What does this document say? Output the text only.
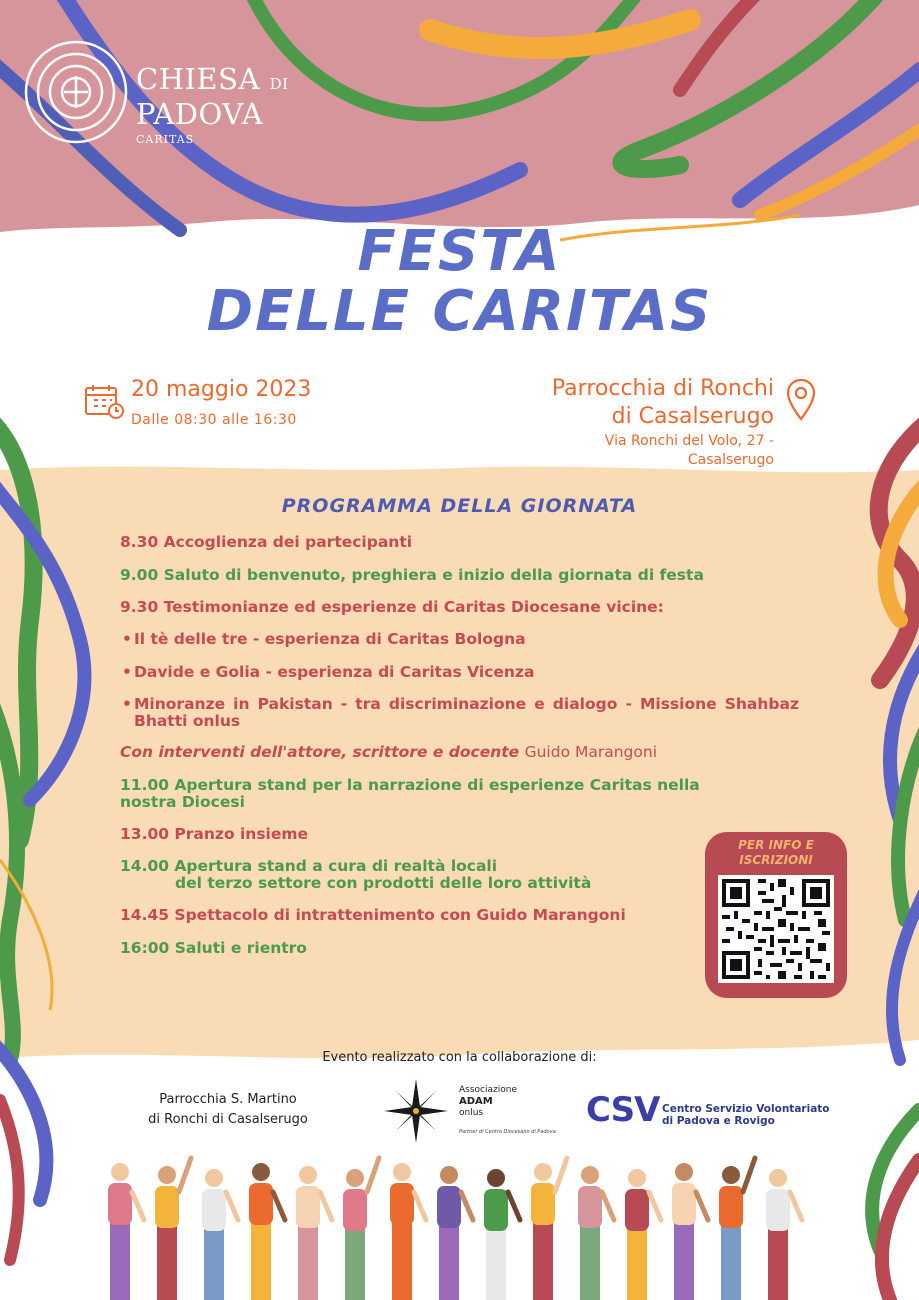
CHIESA DI
PADOVA
CARITAS
FESTA
DELLE CARITAS
20 maggio 2023
Dalle 08:30 alle 16:30
Parrocchia di Ronchi
di Casalserugo
Via Ronchi del Volo, 27 -
Casalserugo
PROGRAMMA DELLA GIORNATA
8.30 Accoglienza dei partecipanti
9.00 Saluto di benvenuto, preghiera e inizio della giornata di festa
9.30 Testimonianze ed esperienze di Caritas Diocesane vicine:
• Il tè delle tre - esperienza di Caritas Bologna
• Davide e Golia - esperienza di Caritas Vicenza
• Minoranze in Pakistan - tra discriminazione e dialogo - Missione Shahbaz Bhatti onlus
Con interventi dell'attore, scrittore e docente Guido Marangoni
11.00 Apertura stand per la narrazione di esperienze Caritas nella nostra Diocesi
13.00 Pranzo insieme
14.00 Apertura stand a cura di realtà locali
del terzo settore con prodotti delle loro attività
14.45 Spettacolo di intrattenimento con Guido Marangoni
16:00 Saluti e rientro
PER INFO E
ISCRIZIONI
Evento realizzato con la collaborazione di:
Parrocchia S. Martino
di Ronchi di Casalserugo
Associazione
ADAM
onlus
Partner di Centro Diocesano di Padova
CSV Centro Servizio Volontariato
di Padova e Rovigo
